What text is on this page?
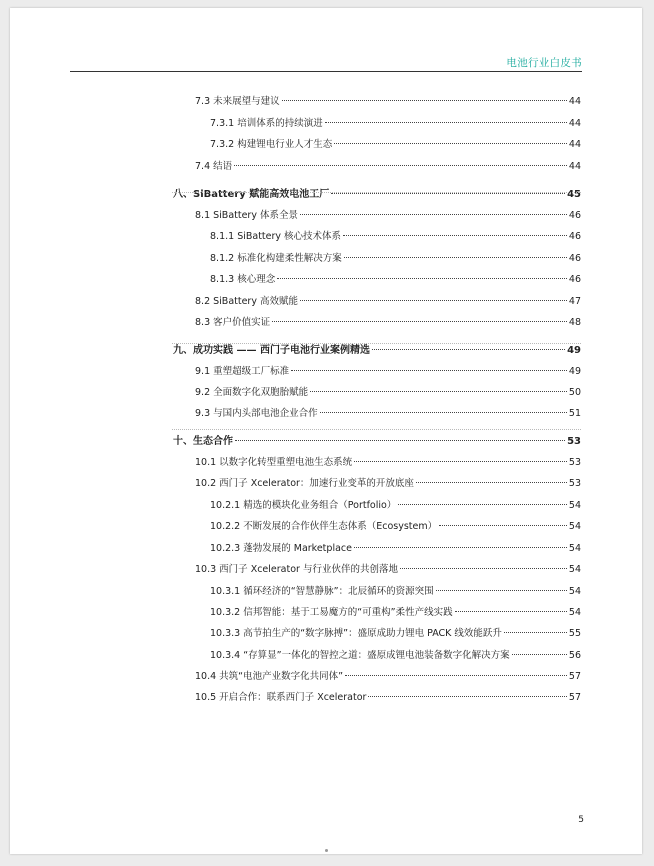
电池行业白皮书
7.3 未来展望与建议	44
7.3.1 培训体系的持续演进	44
7.3.2 构建锂电行业人才生态	44
7.4 结语	44
八、SiBattery 赋能高效电池工厂	45
8.1 SiBattery 体系全景	46
8.1.1 SiBattery 核心技术体系	46
8.1.2 标准化构建柔性解决方案	46
8.1.3 核心理念	46
8.2 SiBattery 高效赋能	47
8.3 客户价值实证	48
九、成功实践 —— 西门子电池行业案例精选	49
9.1 重塑超级工厂标准	49
9.2 全面数字化双胞胎赋能	50
9.3 与国内头部电池企业合作	51
十、生态合作	53
10.1 以数字化转型重塑电池生态系统	53
10.2 西门子 Xcelerator：加速行业变革的开放底座	53
10.2.1 精选的模块化业务组合（Portfolio）	54
10.2.2 不断发展的合作伙伴生态体系（Ecosystem）	54
10.2.3 蓬勃发展的 Marketplace	54
10.3 西门子 Xcelerator 与行业伙伴的共创落地	54
10.3.1 循环经济的“智慧静脉”：北辰循环的资源突围	54
10.3.2 信邦智能：基于工易魔方的“可重构”柔性产线实践	54
10.3.3 高节拍生产的“数字脉搏”：盛原成助力锂电 PACK 线效能跃升	55
10.3.4 “存算显”一体化的智控之道：盛原成锂电池装备数字化解决方案	56
10.4 共筑“电池产业数字化共同体”	57
10.5 开启合作：联系西门子 Xcelerator	57
5
